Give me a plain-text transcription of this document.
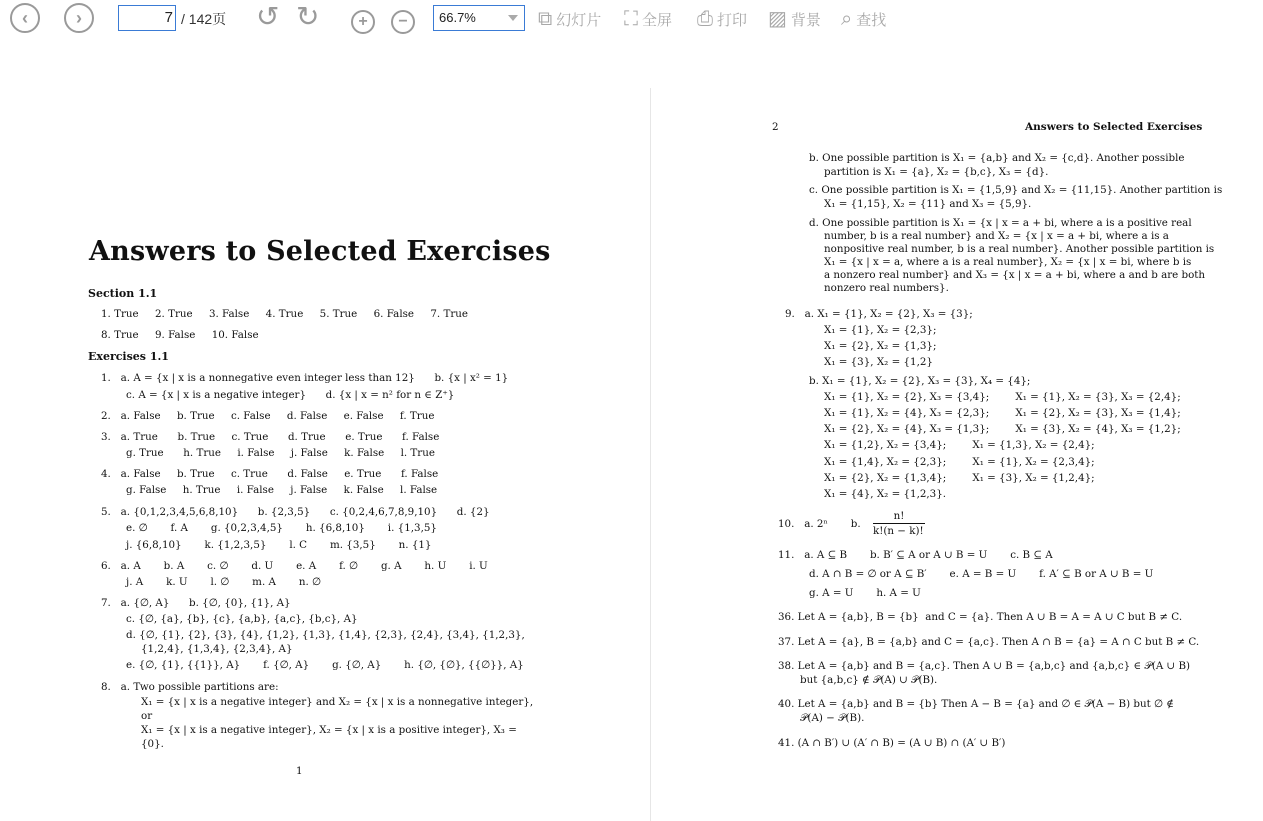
‹	›	7 / 142页 ↺ ↻	+	−	66.7%	⧉ 幻灯片 ⛶ 全屏 ⎙ 打印 ▨ 背景 ⌕ 查找
Answers to Selected Exercises
Section 1.1
1. True     2. True     3. False     4. True     5. True     6. False     7. True
8. True     9. False     10. False
Exercises 1.1
1.   a. A = {x | x is a nonnegative even integer less than 12}      b. {x | x² = 1}
c. A = {x | x is a negative integer}      d. {x | x = n² for n ∈ Z⁺}
2.   a. False     b. True     c. False     d. False     e. False     f. True
3.   a. True      b. True     c. True      d. True      e. True      f. False
g. True      h. True     i. False     j. False     k. False     l. True
4.   a. False     b. True     c. True      d. False     e. True      f. False
g. False     h. True     i. False     j. False     k. False     l. False
5.   a. {0,1,2,3,4,5,6,8,10}      b. {2,3,5}      c. {0,2,4,6,7,8,9,10}      d. {2}
e. ∅       f. A       g. {0,2,3,4,5}       h. {6,8,10}       i. {1,3,5}
j. {6,8,10}       k. {1,2,3,5}       l. C       m. {3,5}       n. {1}
6.   a. A       b. A       c. ∅       d. U       e. A       f. ∅       g. A       h. U       i. U
j. A       k. U       l. ∅       m. A       n. ∅
7.   a. {∅, A}      b. {∅, {0}, {1}, A}
c. {∅, {a}, {b}, {c}, {a,b}, {a,c}, {b,c}, A}
d. {∅, {1}, {2}, {3}, {4}, {1,2}, {1,3}, {1,4}, {2,3}, {2,4}, {3,4}, {1,2,3},
{1,2,4}, {1,3,4}, {2,3,4}, A}
e. {∅, {1}, {{1}}, A}       f. {∅, A}       g. {∅, A}       h. {∅, {∅}, {{∅}}, A}
8.   a. Two possible partitions are:
X₁ = {x | x is a negative integer} and X₂ = {x | x is a nonnegative integer},
or
X₁ = {x | x is a negative integer}, X₂ = {x | x is a positive integer}, X₃ =
{0}.
1
2	Answers to Selected Exercises
b. One possible partition is X₁ = {a,b} and X₂ = {c,d}. Another possible
partition is X₁ = {a}, X₂ = {b,c}, X₃ = {d}.
c. One possible partition is X₁ = {1,5,9} and X₂ = {11,15}. Another partition is
X₁ = {1,15}, X₂ = {11} and X₃ = {5,9}.
d. One possible partition is X₁ = {x | x = a + bi, where a is a positive real
number, b is a real number} and X₂ = {x | x = a + bi, where a is a
nonpositive real number, b is a real number}. Another possible partition is
X₁ = {x | x = a, where a is a real number}, X₂ = {x | x = bi, where b is
a nonzero real number} and X₃ = {x | x = a + bi, where a and b are both
nonzero real numbers}.
9.   a. X₁ = {1}, X₂ = {2}, X₃ = {3};
X₁ = {1}, X₂ = {2,3};
X₁ = {2}, X₂ = {1,3};
X₁ = {3}, X₂ = {1,2}
b. X₁ = {1}, X₂ = {2}, X₃ = {3}, X₄ = {4};
X₁ = {1}, X₂ = {2}, X₃ = {3,4};        X₁ = {1}, X₂ = {3}, X₃ = {2,4};
X₁ = {1}, X₂ = {4}, X₃ = {2,3};        X₁ = {2}, X₂ = {3}, X₃ = {1,4};
X₁ = {2}, X₂ = {4}, X₃ = {1,3};        X₁ = {3}, X₂ = {4}, X₃ = {1,2};
X₁ = {1,2}, X₂ = {3,4};        X₁ = {1,3}, X₂ = {2,4};
X₁ = {1,4}, X₂ = {2,3};        X₁ = {1}, X₂ = {2,3,4};
X₁ = {2}, X₂ = {1,3,4};        X₁ = {3}, X₂ = {1,2,4};
X₁ = {4}, X₂ = {1,2,3}.
10.   a. 2ⁿ       b.
n!
k!(n − k)!
11.   a. A ⊆ B       b. B′ ⊆ A or A ∪ B = U       c. B ⊆ A
d. A ∩ B = ∅ or A ⊆ B′       e. A = B = U       f. A′ ⊆ B or A ∪ B = U
g. A = U       h. A = U
36. Let A = {a,b}, B = {b}  and C = {a}. Then A ∪ B = A = A ∪ C but B ≠ C.
37. Let A = {a}, B = {a,b} and C = {a,c}. Then A ∩ B = {a} = A ∩ C but B ≠ C.
38. Let A = {a,b} and B = {a,c}. Then A ∪ B = {a,b,c} and {a,b,c} ∈ 𝒫(A ∪ B)
but {a,b,c} ∉ 𝒫(A) ∪ 𝒫(B).
40. Let A = {a,b} and B = {b} Then A − B = {a} and ∅ ∈ 𝒫(A − B) but ∅ ∉
𝒫(A) − 𝒫(B).
41. (A ∩ B′) ∪ (A′ ∩ B) = (A ∪ B) ∩ (A′ ∪ B′)
